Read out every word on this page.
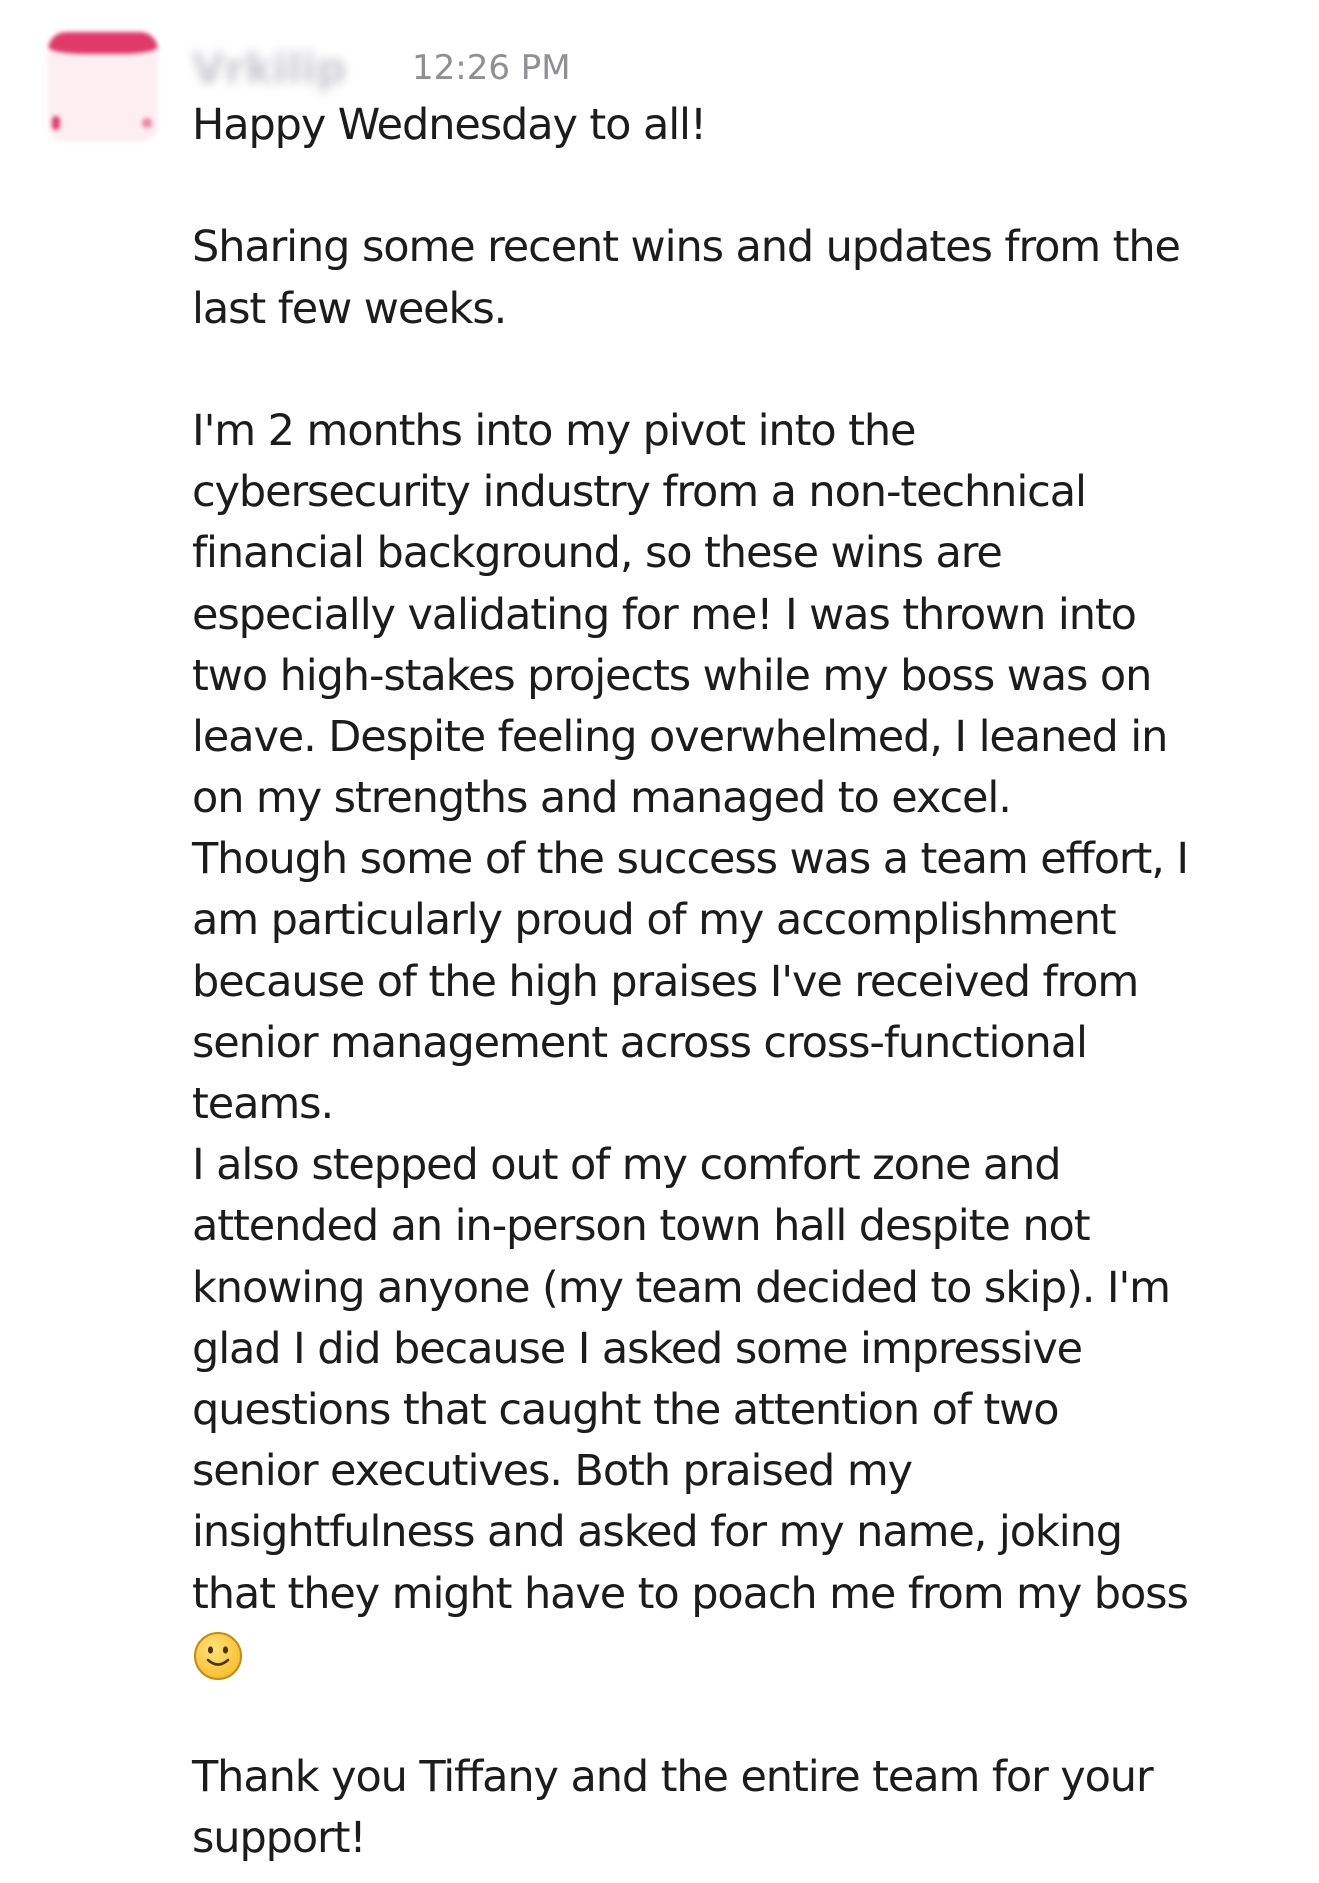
Vrkilip	12:26 PM
Happy Wednesday to all!
Sharing some recent wins and updates from the
last few weeks.
I'm 2 months into my pivot into the
cybersecurity industry from a non-technical
financial background, so these wins are
especially validating for me! I was thrown into
two high-stakes projects while my boss was on
leave. Despite feeling overwhelmed, I leaned in
on my strengths and managed to excel.
Though some of the success was a team effort, I
am particularly proud of my accomplishment
because of the high praises I've received from
senior management across cross-functional
teams.
I also stepped out of my comfort zone and
attended an in-person town hall despite not
knowing anyone (my team decided to skip). I'm
glad I did because I asked some impressive
questions that caught the attention of two
senior executives. Both praised my
insightfulness and asked for my name, joking
that they might have to poach me from my boss
Thank you Tiffany and the entire team for your
support!
